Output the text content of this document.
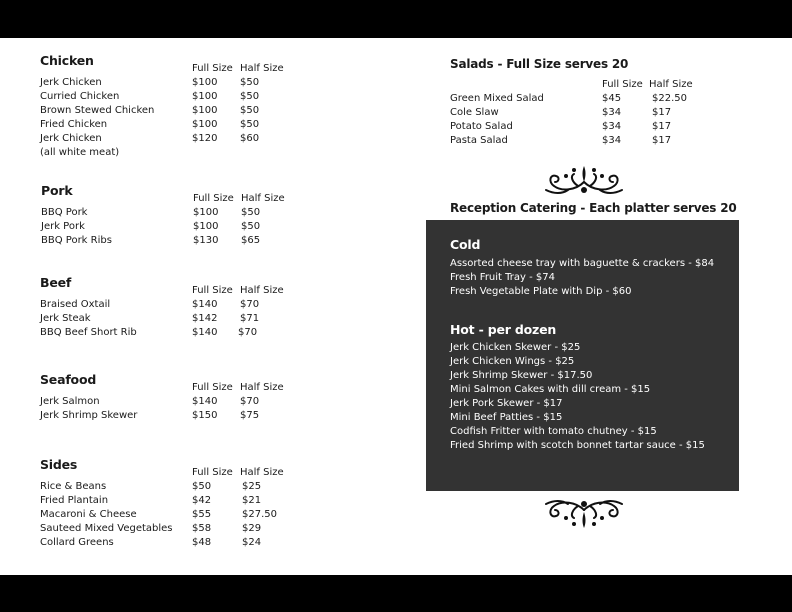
Chicken
Full Size Half Size
Jerk Chicken	$100 $50
Curried Chicken	$100 $50
Brown Stewed Chicken	$100 $50
Fried Chicken	$100 $50
Jerk Chicken	$120 $60
(all white meat)
Pork
Full Size Half Size
BBQ Pork	$100 $50
Jerk Pork	$100 $50
BBQ Pork Ribs	$130 $65
Beef
Full Size Half Size
Braised Oxtail	$140 $70
Jerk Steak	$142 $71
BBQ Beef Short Rib	$140 $70
Seafood
Full Size Half Size
Jerk Salmon	$140 $70
Jerk Shrimp Skewer	$150 $75
Sides
Full Size Half Size
Rice & Beans	$50	$25
Fried Plantain	$42	$21
Macaroni & Cheese	$55	$27.50
Sauteed Mixed Vegetables $58	$29
Collard Greens	$48	$24
Salads - Full Size serves 20
Full Size Half Size
Green Mixed Salad	$45	$22.50
Cole Slaw	$34	$17
Potato Salad	$34	$17
Pasta Salad	$34	$17
Reception Catering - Each platter serves 20
Cold
Assorted cheese tray with baguette & crackers - $84
Fresh Fruit Tray - $74
Fresh Vegetable Plate with Dip - $60
Hot - per dozen
Jerk Chicken Skewer - $25
Jerk Chicken Wings - $25
Jerk Shrimp Skewer - $17.50
Mini Salmon Cakes with dill cream - $15
Jerk Pork Skewer - $17
Mini Beef Patties - $15
Codfish Fritter with tomato chutney - $15
Fried Shrimp with scotch bonnet tartar sauce - $15
